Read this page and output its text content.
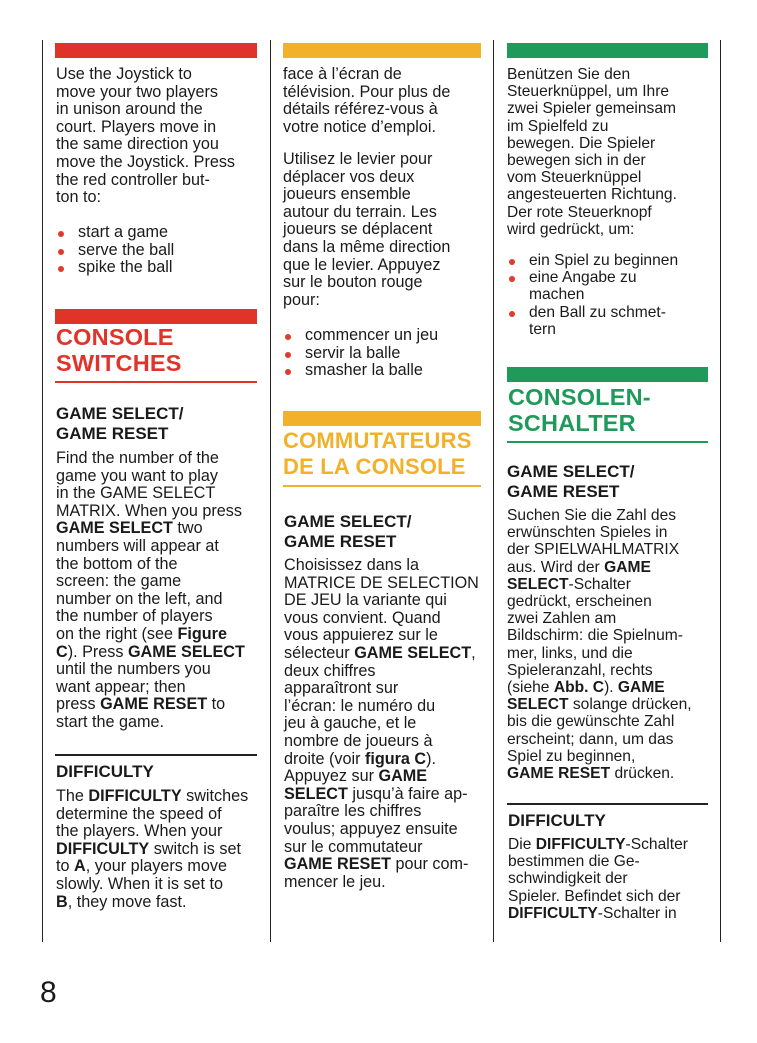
Use the Joystick to
move your two players
in unison around the
court. Players move in
the same direction you
move the Joystick. Press
the red controller but-
ton to:

start a game
serve the ball
spike the ball
CONSOLE
SWITCHES
GAME SELECT/
GAME RESET

Find the number of the
game you want to play
in the GAME SELECT
MATRIX. When you press
GAME SELECT two
numbers will appear at
the bottom of the
screen: the game
number on the left, and
the number of players
on the right (see Figure
C). Press GAME SELECT
until the numbers you
want appear; then
press GAME RESET to
start the game.

DIFFICULTY

The DIFFICULTY switches
determine the speed of
the players. When your
DIFFICULTY switch is set
to A, your players move
slowly. When it is set to
B, they move fast.

face à l’écran de
télévision. Pour plus de
détails référez-vous à
votre notice d’emploi.

Utilisez le levier pour
déplacer vos deux
joueurs ensemble
autour du terrain. Les
joueurs se déplacent
dans la même direction
que le levier. Appuyez
sur le bouton rouge
pour:

commencer un jeu
servir la balle
smasher la balle
COMMUTATEURS
DE LA CONSOLE
GAME SELECT/
GAME RESET

Choisissez dans la
MATRICE DE SELECTION
DE JEU la variante qui
vous convient. Quand
vous appuierez sur le
sélecteur GAME SELECT,
deux chiffres
apparaîtront sur
l’écran: le numéro du
jeu à gauche, et le
nombre de joueurs à
droite (voir figura C).
Appuyez sur GAME
SELECT jusqu’à faire ap-
paraître les chiffres
voulus; appuyez ensuite
sur le commutateur
GAME RESET pour com-
mencer le jeu.

Benützen Sie den
Steuerknüppel, um Ihre
zwei Spieler gemeinsam
im Spielfeld zu
bewegen. Die Spieler
bewegen sich in der
vom Steuerknüppel
angesteuerten Richtung.
Der rote Steuerknopf
wird gedrückt, um:

ein Spiel zu beginnen
eine Angabe zu
machen
den Ball zu schmet-
tern
CONSOLEN-
SCHALTER
GAME SELECT/
GAME RESET

Suchen Sie die Zahl des
erwünschten Spieles in
der SPIELWAHLMATRIX
aus. Wird der GAME
SELECT-Schalter
gedrückt, erscheinen
zwei Zahlen am
Bildschirm: die Spielnum-
mer, links, und die
Spieleranzahl, rechts
(siehe Abb. C). GAME
SELECT solange drücken,
bis die gewünschte Zahl
erscheint; dann, um das
Spiel zu beginnen,
GAME RESET drücken.

DIFFICULTY

Die DIFFICULTY-Schalter
bestimmen die Ge-
schwindigkeit der
Spieler. Befindet sich der
DIFFICULTY-Schalter in

8
